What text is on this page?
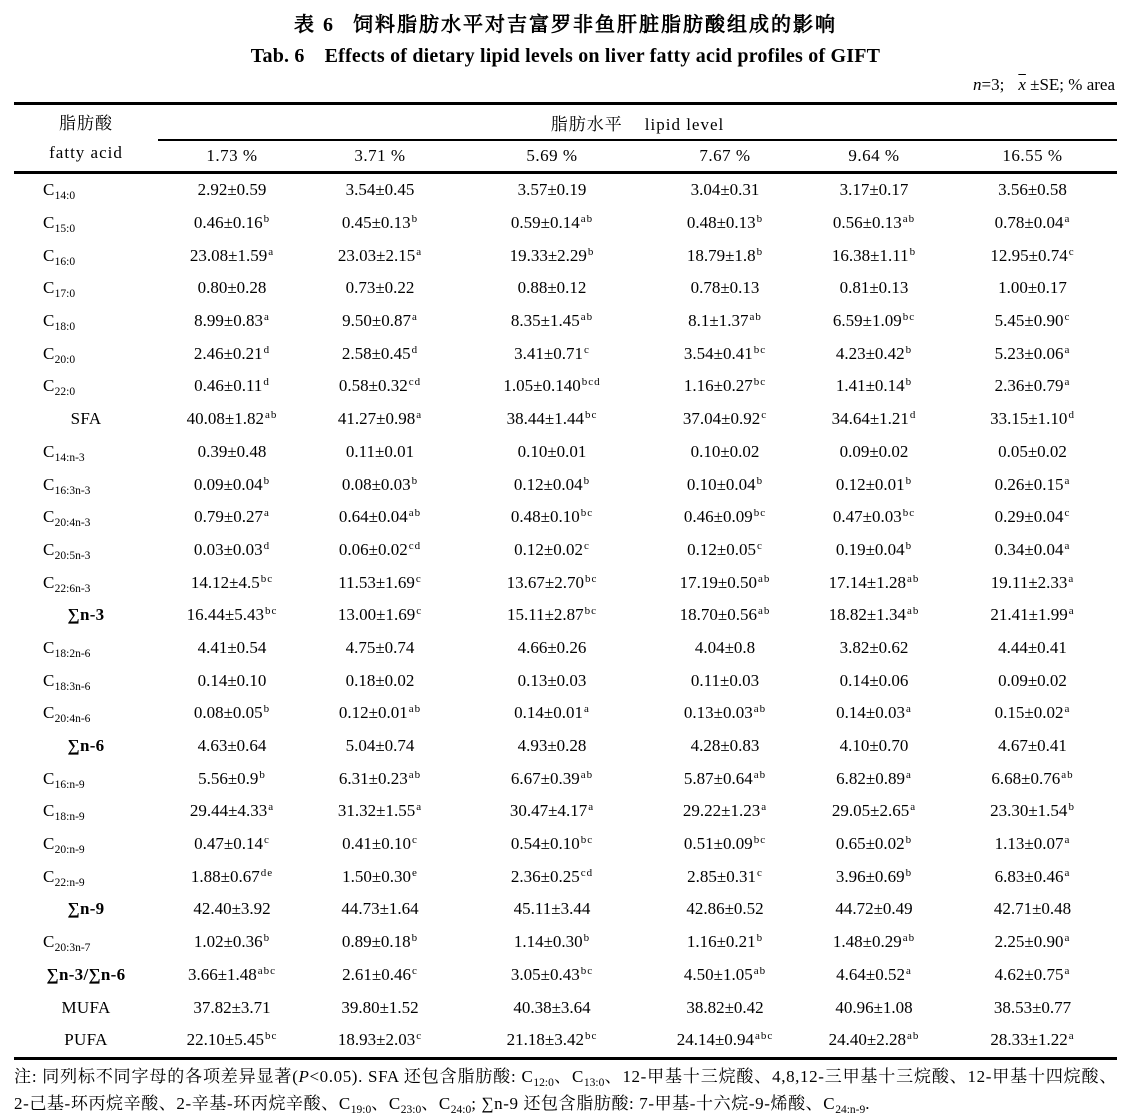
表 6 饲料脂肪水平对吉富罗非鱼肝脏脂肪酸组成的影响
Tab. 6 Effects of dietary lipid levels on liver fatty acid profiles of GIFT
n=3; $\overline{x} \pm SE$; % area
脂肪酸
fatty acid	脂肪水平 lipid level					
	1.73 %	3.71 %	5.69 %	7.67 %	9.64 %	16.55 %
$C_{14:0}$	2.92±0.59	3.54±0.45	3.57±0.19	3.04±0.31	3.17±0.17	3.56±0.58
$C_{15:0}$	0.46±0.16$^b$	0.45±0.13$^b$	0.59±0.14$^{ab}$	0.48±0.13$^b$	0.56±0.13$^{ab}$	0.78±0.04$^a$
$C_{16:0}$	23.08±1.59$^a$	23.03±2.15$^a$	19.33±2.29$^b$	18.79±1.8$^b$	16.38±1.11$^b$	12.95±0.74$^c$
$C_{17:0}$	0.80±0.28	0.73±0.22	0.88±0.12	0.78±0.13	0.81±0.13	1.00±0.17
$C_{18:0}$	8.99±0.83$^a$	9.50±0.87$^a$	8.35±1.45$^{ab}$	8.1±1.37$^{ab}$	6.59±1.09$^{bc}$	5.45±0.90$^c$
$C_{20:0}$	2.46±0.21$^d$	2.58±0.45$^d$	3.41±0.71$^c$	3.54±0.41$^{bc}$	4.23±0.42$^b$	5.23±0.06$^a$
$C_{22:0}$	0.46±0.11$^d$	0.58±0.32$^{cd}$	1.05±0.140$^{bcd}$	1.16±0.27$^{bc}$	1.41±0.14$^b$	2.36±0.79$^a$
SFA	40.08±1.82$^{ab}$	41.27±0.98$^a$	38.44±1.44$^{bc}$	37.04±0.92$^c$	34.64±1.21$^d$	33.15±1.10$^d$
$C_{14:n-3}$	0.39±0.48	0.11±0.01	0.10±0.01	0.10±0.02	0.09±0.02	0.05±0.02
$C_{16:3n-3}$	0.09±0.04$^b$	0.08±0.03$^b$	0.12±0.04$^b$	0.10±0.04$^b$	0.12±0.01$^b$	0.26±0.15$^a$
$C_{20:4n-3}$	0.79±0.27$^a$	0.64±0.04$^{ab}$	0.48±0.10$^{bc}$	0.46±0.09$^{bc}$	0.47±0.03$^{bc}$	0.29±0.04$^c$
$C_{20:5n-3}$	0.03±0.03$^d$	0.06±0.02$^{cd}$	0.12±0.02$^c$	0.12±0.05$^c$	0.19±0.04$^b$	0.34±0.04$^a$
$C_{22:6n-3}$	14.12±4.5$^{bc}$	11.53±1.69$^c$	13.67±2.70$^{bc}$	17.19±0.50$^{ab}$	17.14±1.28$^{ab}$	19.11±2.33$^a$
∑n-3	16.44±5.43$^{bc}$	13.00±1.69$^c$	15.11±2.87$^{bc}$	18.70±0.56$^{ab}$	18.82±1.34$^{ab}$	21.41±1.99$^a$
$C_{18:2n-6}$	4.41±0.54	4.75±0.74	4.66±0.26	4.04±0.8	3.82±0.62	4.44±0.41
$C_{18:3n-6}$	0.14±0.10	0.18±0.02	0.13±0.03	0.11±0.03	0.14±0.06	0.09±0.02
$C_{20:4n-6}$	0.08±0.05$^b$	0.12±0.01$^{ab}$	0.14±0.01$^a$	0.13±0.03$^{ab}$	0.14±0.03$^a$	0.15±0.02$^a$
∑n-6	4.63±0.64	5.04±0.74	4.93±0.28	4.28±0.83	4.10±0.70	4.67±0.41
$C_{16:n-9}$	5.56±0.9$^b$	6.31±0.23$^{ab}$	6.67±0.39$^{ab}$	5.87±0.64$^{ab}$	6.82±0.89$^a$	6.68±0.76$^{ab}$
$C_{18:n-9}$	29.44±4.33$^a$	31.32±1.55$^a$	30.47±4.17$^a$	29.22±1.23$^a$	29.05±2.65$^a$	23.30±1.54$^b$
$C_{20:n-9}$	0.47±0.14$^c$	0.41±0.10$^c$	0.54±0.10$^{bc}$	0.51±0.09$^{bc}$	0.65±0.02$^b$	1.13±0.07$^a$
$C_{22:n-9}$	1.88±0.67de	1.50±0.30$^e$	2.36±0.25$^{cd}$	2.85±0.31$^c$	3.96±0.69$^b$	6.83±0.46$^a$
∑n-9	42.40±3.92	44.73±1.64	45.11±3.44	42.86±0.52	44.72±0.49	42.71±0.48
$C_{20:3n-7}$	1.02±0.36$^b$	0.89±0.18$^b$	1.14±0.30$^b$	1.16±0.21$^b$	1.48±0.29$^{ab}$	2.25±0.90$^a$
∑n-3/∑n-6	3.66±1.48$^{abc}$	2.61±0.46$^c$	3.05±0.43$^{bc}$	4.50±1.05$^{ab}$	4.64±0.52$^a$	4.62±0.75$^a$
MUFA	37.82±3.71	39.80±1.52	40.38±3.64	38.82±0.42	40.96±1.08	38.53±0.77
PUFA	22.10±5.45$^{bc}$	18.93±2.03$^c$	21.18±3.42$^{bc}$	24.14±0.94$^{abc}$	24.40±2.28$^{ab}$	28.33±1.22$^a$
注: 同列标不同字母的各项差异显著(P<0.05). SFA 还包含脂肪酸: $C_{12:0}$、$C_{13:0}$、12-甲基十三烷酸、4,8,12-三甲基十三烷酸、12-甲基十四烷酸、2-己基-环丙烷辛酸、2-辛基-环丙烷辛酸、$C_{19:0}$、$C_{23:0}$、$C_{24:0}$; ∑n-9 还包含脂肪酸: 7-甲基-十六烷-9-烯酸、$C_{24:n-9}$.
